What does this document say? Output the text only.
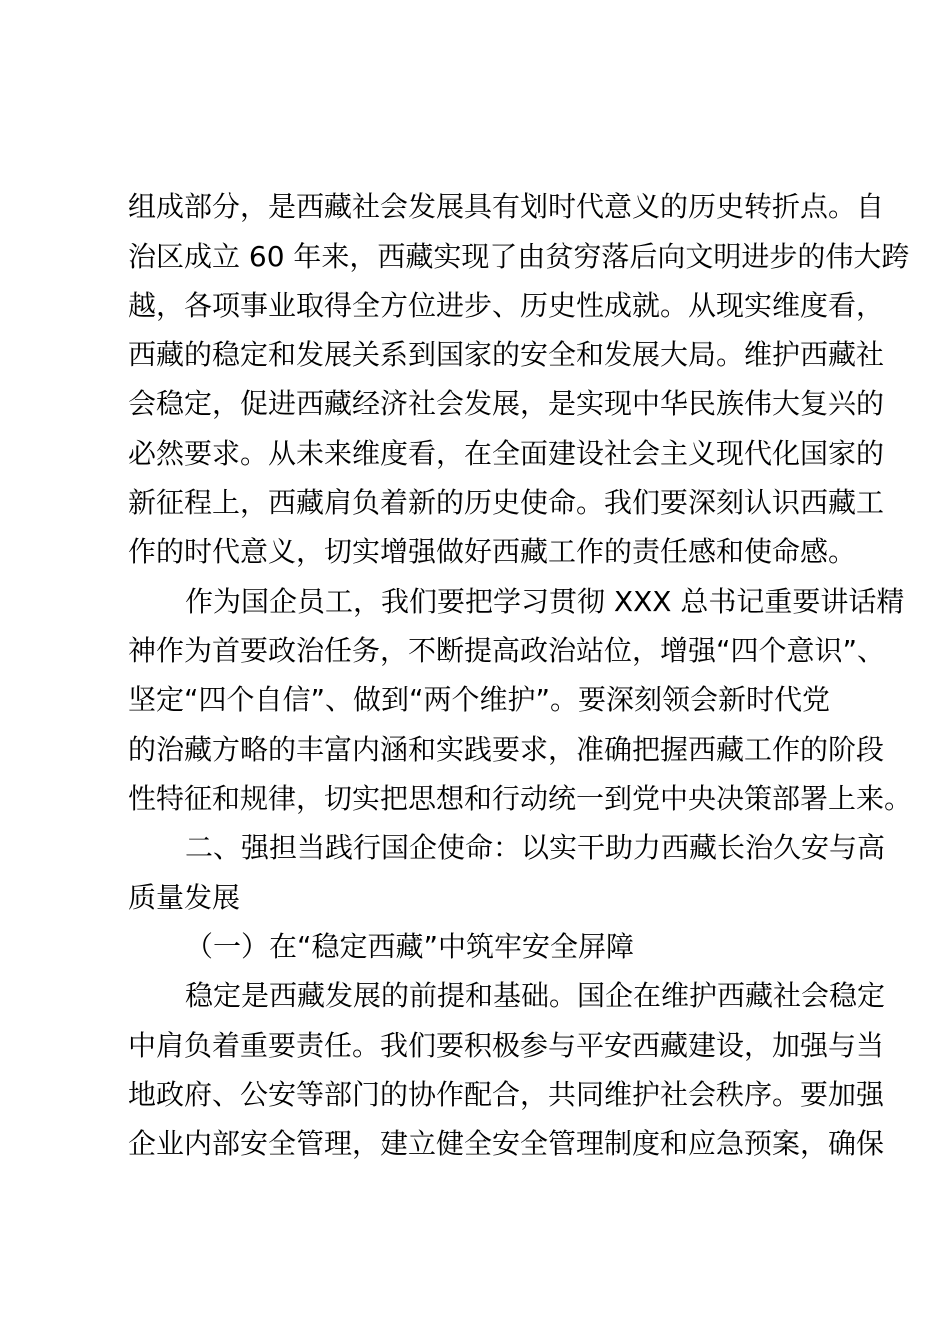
组成部分，是西藏社会发展具有划时代意义的历史转折点。自
治区成立 60 年来，西藏实现了由贫穷落后向文明进步的伟大跨
越，各项事业取得全方位进步、历史性成就。从现实维度看，
西藏的稳定和发展关系到国家的安全和发展大局。维护西藏社
会稳定，促进西藏经济社会发展，是实现中华民族伟大复兴的
必然要求。从未来维度看，在全面建设社会主义现代化国家的
新征程上，西藏肩负着新的历史使命。我们要深刻认识西藏工
作的时代意义，切实增强做好西藏工作的责任感和使命感。
作为国企员工，我们要把学习贯彻 XXX 总书记重要讲话精
神作为首要政治任务，不断提高政治站位，增强“四个意识”、
坚定“四个自信”、做到“两个维护”。要深刻领会新时代党
的治藏方略的丰富内涵和实践要求，准确把握西藏工作的阶段
性特征和规律，切实把思想和行动统一到党中央决策部署上来。
二、强担当践行国企使命：以实干助力西藏长治久安与高
质量发展
（一）在“稳定西藏”中筑牢安全屏障
稳定是西藏发展的前提和基础。国企在维护西藏社会稳定
中肩负着重要责任。我们要积极参与平安西藏建设，加强与当
地政府、公安等部门的协作配合，共同维护社会秩序。要加强
企业内部安全管理，建立健全安全管理制度和应急预案，确保
